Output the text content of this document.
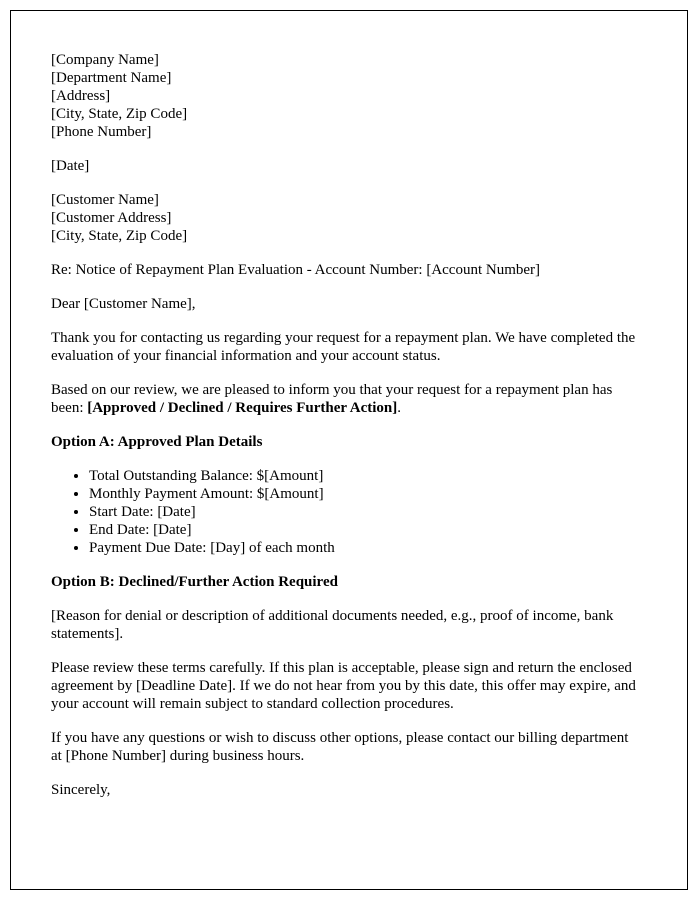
[Company Name]
[Department Name]
[Address]
[City, State, Zip Code]
[Phone Number]

[Date]

[Customer Name]
[Customer Address]
[City, State, Zip Code]

Re: Notice of Repayment Plan Evaluation - Account Number: [Account Number]

Dear [Customer Name],

Thank you for contacting us regarding your request for a repayment plan. We have completed the evaluation of your financial information and your account status.

Based on our review, we are pleased to inform you that your request for a repayment plan has been: [Approved / Declined / Requires Further Action].

Option A: Approved Plan Details

• Total Outstanding Balance: $[Amount]
• Monthly Payment Amount: $[Amount]
• Start Date: [Date]
• End Date: [Date]
• Payment Due Date: [Day] of each month

Option B: Declined/Further Action Required

[Reason for denial or description of additional documents needed, e.g., proof of income, bank statements].

Please review these terms carefully. If this plan is acceptable, please sign and return the enclosed agreement by [Deadline Date]. If we do not hear from you by this date, this offer may expire, and your account will remain subject to standard collection procedures.

If you have any questions or wish to discuss other options, please contact our billing department at [Phone Number] during business hours.

Sincerely,
